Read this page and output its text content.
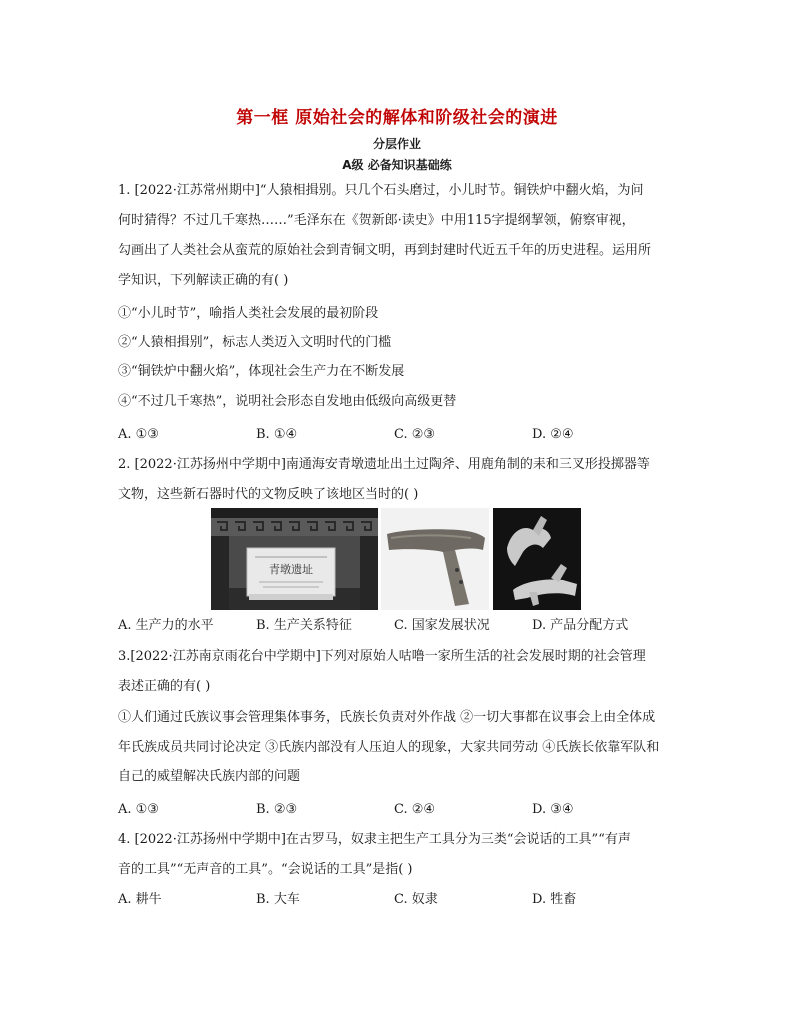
第一框 原始社会的解体和阶级社会的演进
分层作业
A级 必备知识基础练
1. [2022·江苏常州期中]“人猿相揖别。只几个石头磨过，小儿时节。铜铁炉中翻火焰，为问
何时猜得？不过几千寒热……”毛泽东在《贺新郎·读史》中用115字提纲挈领，俯察审视，
勾画出了人类社会从蛮荒的原始社会到青铜文明，再到封建时代近五千年的历史进程。运用所
学知识，下列解读正确的有( )
①“小儿时节”，喻指人类社会发展的最初阶段
②“人猿相揖别”，标志人类迈入文明时代的门槛
③“铜铁炉中翻火焰”，体现社会生产力在不断发展
④“不过几千寒热”，说明社会形态自发地由低级向高级更替
A. ①③	B. ①④	C. ②③	D. ②④
2. [2022·江苏扬州中学期中]南通海安青墩遗址出土过陶斧、用鹿角制的耒和三叉形投掷器等
文物，这些新石器时代的文物反映了该地区当时的( )
青墩遗址
A. 生产力的水平	B. 生产关系特征	C. 国家发展状况	D. 产品分配方式
3.[2022·江苏南京雨花台中学期中]下列对原始人咕噜一家所生活的社会发展时期的社会管理
表述正确的有( )
①人们通过氏族议事会管理集体事务，氏族长负责对外作战 ②一切大事都在议事会上由全体成
年氏族成员共同讨论决定 ③氏族内部没有人压迫人的现象，大家共同劳动 ④氏族长依靠军队和
自己的威望解决氏族内部的问题
A. ①③	B. ②③	C. ②④	D. ③④
4. [2022·江苏扬州中学期中]在古罗马，奴隶主把生产工具分为三类“会说话的工具”“有声
音的工具”“无声音的工具”。“会说话的工具”是指( )
A. 耕牛	B. 大车	C. 奴隶	D. 牲畜
